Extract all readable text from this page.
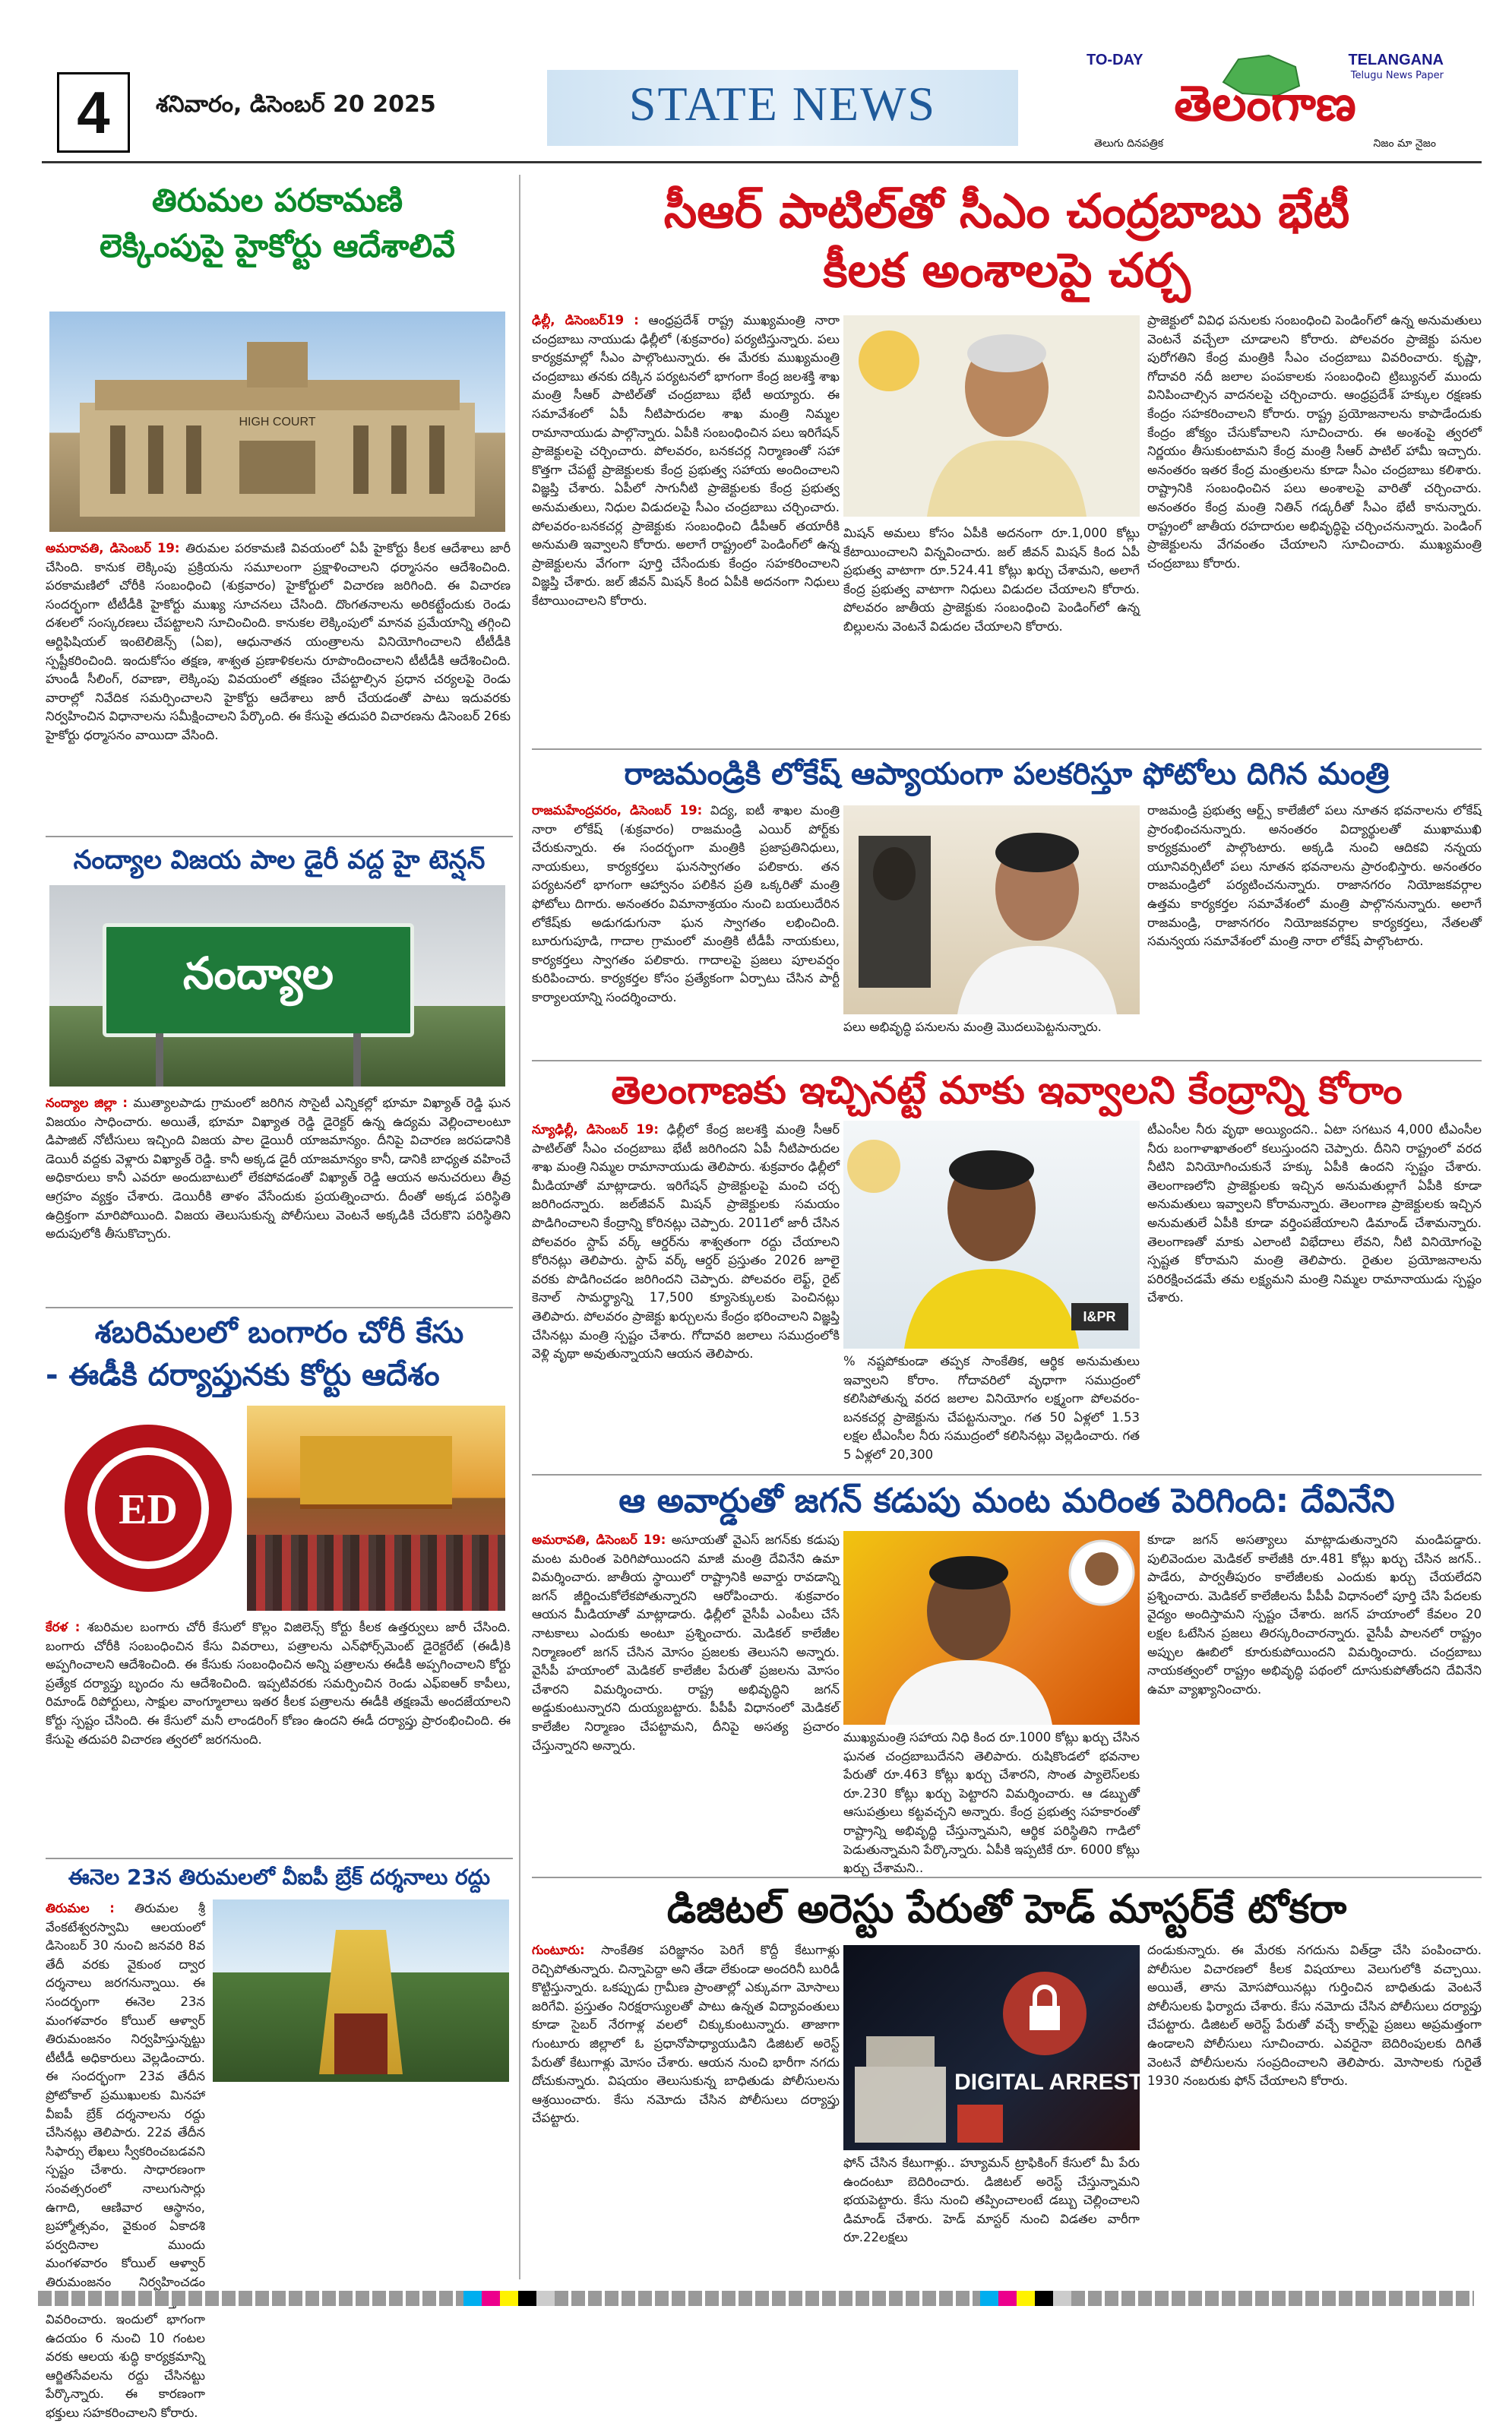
4	శనివారం, డిసెంబర్ 20 2025	STATE NEWS
TO-DAY	TELANGANA
Telugu News Paper
తెలంగాణ
తెలుగు దినపత్రిక	నిజం మా నైజం
తిరుమల పరకామణి
లెక్కింపుపై హైకోర్టు ఆదేశాలివే
HIGH COURT
అమరావతి, డిసెంబర్ 19: తిరుమల పరకామణి వివయంలో ఏపీ హైకోర్టు కీలక ఆదేశాలు జారీ చేసింది. కానుక లెక్కింపు ప్రక్రియను సమూలంగా ప్రక్షాళించాలని ధర్మాసనం ఆదేశించింది. పరకామణిలో చోరీకి సంబంధించి (శుక్రవారం) హైకోర్టులో విచారణ జరిగింది. ఈ విచారణ సందర్భంగా టీటీడీకి హైకోర్టు ముఖ్య సూచనలు చేసింది. దొంగతనాలను అరికట్టేందుకు రెండు దశలలో సంస్కరణలు చేపట్టాలని సూచించింది. కానుకల లెక్కింపులో మానవ ప్రమేయాన్ని తగ్గించి ఆర్టిఫిషియల్ ఇంటెలిజెన్స్ (ఏఐ), ఆధునాతన యంత్రాలను వినియోగించాలని టీటీడీకి స్పష్టీకరించింది. ఇందుకోసం తక్షణ, శాశ్వత ప్రణాళికలను రూపొందించాలని టీటీడీకి ఆదేశించింది. హుండీ సీలింగ్, రవాణా, లెక్కింపు వివయంలో తక్షణం చేపట్టాల్సిన ప్రధాన చర్యలపై రెండు వారాల్లో నివేదిక సమర్పించాలని హైకోర్టు ఆదేశాలు జారీ చేయడంతో పాటు ఇదువరకు నిర్వహించిన విధానాలను సమీక్షించాలని పేర్కొంది. ఈ కేసుపై తదుపరి విచారణను డిసెంబర్ 26కు హైకోర్టు ధర్మాసనం వాయిదా వేసింది.
నంద్యాల విజయ పాల డైరీ వద్ద హై టెన్షన్
నంద్యాల
నంద్యాల జిల్లా : ముత్యాలపాడు గ్రామంలో జరిగిన సొసైటీ ఎన్నికల్లో భూమా విఖ్యాత్ రెడ్డి ఘన విజయం సాధించారు. అయితే, భూమా విఖ్యాత రెడ్డి డైరెక్టర్ ఉన్న ఉద్యమ వెల్లించాలంటూ డిపాజిట్ నోటీసులు ఇచ్చింది విజయ పాల డైయిరీ యాజమాన్యం. దీనిపై విచారణ జరపడానికి డెయిరీ వద్దకు వెళ్లారు విఖ్యాత్ రెడ్డి. కానీ అక్కడ డైరీ యాజమాన్యం కానీ, డానికి బాధ్యత వహించే అధికారులు కానీ ఎవరూ అందుబాటులో లేకపోవడంతో విఖ్యాత్ రెడ్డి ఆయన అనుచరులు తీవ్ర ఆగ్రహం వ్యక్తం చేశారు. డెయిరీకి తాళం వేసేందుకు ప్రయత్నించారు. దీంతో అక్కడ పరిస్థితి ఉద్రిక్తంగా మారిపోయింది. విజయ తెలుసుకున్న పోలీసులు వెంటనే అక్కడికి చేరుకొని పరిస్థితిని అదుపులోకి తీసుకొచ్చారు.
శబరిమలలో బంగారం చోరీ కేసు
- ఈడీకి దర్యాప్తునకు కోర్టు ఆదేశం
ED
కేరళ : శబరిమల బంగారు చోరీ కేసులో కొల్లం విజిలెన్స్ కోర్టు కీలక ఉత్తర్వులు జారీ చేసింది. బంగారు చోరీకి సంబంధించిన కేసు వివరాలు, పత్రాలను ఎన్‌ఫోర్స్‌మెంట్ డైరెక్టరేట్ (ఈడీ)కి అప్పగించాలని ఆదేశించింది. ఈ కేసుకు సంబంధించిన అన్ని పత్రాలను ఈడీకి అప్పగించాలని కోర్టు ప్రత్యేక దర్యాప్తు బృందం ను ఆదేశించింది. ఇప్పటివరకు సమర్పించిన రెండు ఎఫ్‌ఐఆర్ కాపీలు, రిమాండ్ రిపోర్టులు, సాక్షుల వాంగ్మూలాలు ఇతర కీలక పత్రాలను ఈడీకి తక్షణమే అందజేయాలని కోర్టు స్పష్టం చేసింది. ఈ కేసులో మనీ లాండరింగ్ కోణం ఉందని ఈడీ దర్యాప్తు ప్రారంభించింది. ఈ కేసుపై తదుపరి విచారణ త్వరలో జరగనుంది.
ఈనెల 23న తిరుమలలో వీఐపీ బ్రేక్ దర్శనాలు రద్దు
తిరుమల : తిరుమల శ్రీ వేంకటేశ్వరస్వామి ఆలయంలో డిసెంబర్ 30 నుంచి జనవరి 8వ తేదీ వరకు వైకుంఠ ద్వార దర్శనాలు జరగనున్నాయి. ఈ సందర్భంగా ఈనెల 23న మంగళవారం కోయిల్ ఆళ్వార్ తిరుమంజనం నిర్వహిస్తున్నట్టు టీటీడీ అధికారులు వెల్లడించారు. ఈ సందర్భంగా 23వ తేదీన ప్రోటోకాల్ ప్రముఖులకు మినహా వీఐపీ బ్రేక్ దర్శనాలను రద్దు చేసినట్లు తెలిపారు. 22వ తేదీన సిఫార్సు లేఖలు స్వీకరించబడవని స్పష్టం చేశారు. సాధారణంగా సంవత్సరంలో నాలుగుసార్లు ఉగాది, ఆణివార ఆస్థానం, బ్రహ్మోత్సవం, వైకుంఠ ఏకాదశి పర్వదినాల ముందు మంగళవారం కోయిల్ ఆళ్వార్ తిరుమంజనం నిర్వహించడం వివరించారు. ఇందులో భాగంగా ఉదయం 6 నుంచి 10 గంటల వరకు ఆలయ శుద్ధి కార్యక్రమాన్ని ఆర్జితసేవలను రద్దు చేసినట్టు పేర్కొన్నారు. ఈ కారణంగా భక్తులు సహకరించాలని కోరారు.
సీఆర్ పాటిల్‌తో సీఎం చంద్రబాబు భేటీ
కీలక అంశాలపై చర్చ
ఢిల్లీ, డిసెంబర్19 : ఆంధ్రప్రదేశ్ రాష్ట్ర ముఖ్యమంత్రి నారా చంద్రబాబు నాయుడు ఢిల్లీలో (శుక్రవారం) పర్యటిస్తున్నారు. పలు కార్యక్రమాల్లో సీఎం పాల్గొంటున్నారు. ఈ మేరకు ముఖ్యమంత్రి చంద్రబాబు తనకు దక్కిన పర్యటనలో భాగంగా కేంద్ర జలశక్తి శాఖ మంత్రి సీఆర్ పాటిల్‌తో చంద్రబాబు భేటీ అయ్యారు. ఈ సమావేశంలో ఏపీ నీటిపారుదల శాఖ మంత్రి నిమ్మల రామానాయుడు పాల్గొన్నారు. ఏపీకి సంబంధించిన పలు ఇరిగేషన్ ప్రాజెక్టులపై చర్చించారు. పోలవరం, బనకచర్ల నిర్మాణంతో సహా కొత్తగా చేపట్టే ప్రాజెక్టులకు కేంద్ర ప్రభుత్వ సహాయ అందించాలని విజ్ఞప్తి చేశారు. ఏపీలో సాగునీటి ప్రాజెక్టులకు కేంద్ర ప్రభుత్వ అనుమతులు, నిధుల విడుదలపై సీఎం చంద్రబాబు చర్చించారు. పోలవరం-బనకచర్ల ప్రాజెక్టుకు సంబంధించి డీపీఆర్ తయారీకి అనుమతి ఇవ్వాలని కోరారు. అలాగే రాష్ట్రంలో పెండింగ్‌లో ఉన్న ప్రాజెక్టులను వేగంగా పూర్తి చేసేందుకు కేంద్రం సహకరించాలని విజ్ఞప్తి చేశారు. జల్ జీవన్ మిషన్ కింద ఏపీకి అదనంగా నిధులు కేటాయించాలని కోరారు.
మిషన్ అమలు కోసం ఏపీకి అదనంగా రూ.1,000 కోట్లు కేటాయించాలని విన్నవించారు. జల్ జీవన్ మిషన్ కింద ఏపీ ప్రభుత్వ వాటాగా రూ.524.41 కోట్లు ఖర్చు చేశామని, అలాగే కేంద్ర ప్రభుత్వ వాటాగా నిధులు విడుదల చేయాలని కోరారు. పోలవరం జాతీయ ప్రాజెక్టుకు సంబంధించి పెండింగ్‌లో ఉన్న బిల్లులను వెంటనే విడుదల చేయాలని కోరారు.
ప్రాజెక్టులో వివిధ పనులకు సంబంధించి పెండింగ్‌లో ఉన్న అనుమతులు వెంటనే వచ్చేలా చూడాలని కోరారు. పోలవరం ప్రాజెక్టు పనుల పురోగతిని కేంద్ర మంత్రికి సీఎం చంద్రబాబు వివరించారు. కృష్ణా, గోదావరి నదీ జలాల పంపకాలకు సంబంధించి ట్రిబ్యునల్ ముందు వినిపించాల్సిన వాదనలపై చర్చించారు. ఆంధ్రప్రదేశ్ హక్కుల రక్షణకు కేంద్రం సహకరించాలని కోరారు. రాష్ట్ర ప్రయోజనాలను కాపాడేందుకు కేంద్రం జోక్యం చేసుకోవాలని సూచించారు. ఈ అంశంపై త్వరలో నిర్ణయం తీసుకుంటామని కేంద్ర మంత్రి సీఆర్ పాటిల్ హామీ ఇచ్చారు. అనంతరం ఇతర కేంద్ర మంత్రులను కూడా సీఎం చంద్రబాబు కలిశారు. రాష్ట్రానికి సంబంధించిన పలు అంశాలపై వారితో చర్చించారు. అనంతరం కేంద్ర మంత్రి నితిన్ గడ్కరీతో సీఎం భేటీ కానున్నారు. రాష్ట్రంలో జాతీయ రహదారుల అభివృద్ధిపై చర్చించనున్నారు. పెండింగ్ ప్రాజెక్టులను వేగవంతం చేయాలని సూచించారు. ముఖ్యమంత్రి చంద్రబాబు కోరారు.
రాజమండ్రికి లోకేష్ ఆప్యాయంగా పలకరిస్తూ ఫోటోలు దిగిన మంత్రి
రాజమహేంద్రవరం, డిసెంబర్ 19: విద్య, ఐటీ శాఖల మంత్రి నారా లోకేష్ (శుక్రవారం) రాజమండ్రి ఎయిర్ పోర్ట్‌కు చేరుకున్నారు. ఈ సందర్భంగా మంత్రికి ప్రజాప్రతినిధులు, నాయకులు, కార్యకర్తలు ఘనస్వాగతం పలికారు. తన పర్యటనలో భాగంగా ఆహ్వానం పలికిన ప్రతి ఒక్కరితో మంత్రి ఫోటోలు దిగారు. అనంతరం విమానాశ్రయం నుంచి బయలుదేరిన లోకేష్‌కు అడుగడుగునా ఘన స్వాగతం లభించింది. బూరుగుపూడి, గాదాల గ్రామంలో మంత్రికి టీడీపీ నాయకులు, కార్యకర్తలు స్వాగతం పలికారు. గాదాలపై ప్రజలు పూలవర్షం కురిపించారు. కార్యకర్తల కోసం ప్రత్యేకంగా ఏర్పాటు చేసిన పార్టీ కార్యాలయాన్ని సందర్శించారు.
పలు అభివృద్ధి పనులను మంత్రి మొదలుపెట్టనున్నారు.
రాజమండ్రి ప్రభుత్వ ఆర్ట్స్ కాలేజీలో పలు నూతన భవనాలను లోకేష్ ప్రారంభించనున్నారు. అనంతరం విద్యార్థులతో ముఖాముఖి కార్యక్రమంలో పాల్గొంటారు. అక్కడి నుంచి ఆదికవి నన్నయ యూనివర్సిటీలో పలు నూతన భవనాలను ప్రారంభిస్తారు. అనంతరం రాజమండ్రిలో పర్యటించనున్నారు. రాజానగరం నియోజకవర్గాల ఉత్తమ కార్యకర్తల సమావేశంలో మంత్రి పాల్గొననున్నారు. అలాగే రాజమండ్రి, రాజానగరం నియోజకవర్గాల కార్యకర్తలు, నేతలతో సమన్వయ సమావేశంలో మంత్రి నారా లోకేష్ పాల్గొంటారు.
తెలంగాణకు ఇచ్చినట్టే మాకు ఇవ్వాలని కేంద్రాన్ని కోరాం
న్యూఢిల్లీ, డిసెంబర్ 19: ఢిల్లీలో కేంద్ర జలశక్తి మంత్రి సీఆర్ పాటిల్‌తో సీఎం చంద్రబాబు భేటీ జరిగిందని ఏపీ నీటిపారుదల శాఖ మంత్రి నిమ్మల రామానాయుడు తెలిపారు. శుక్రవారం ఢిల్లీలో మీడియాతో మాట్లాడారు. ఇరిగేషన్ ప్రాజెక్టులపై మంచి చర్చ జరిగిందన్నారు. జల్‌జీవన్ మిషన్ ప్రాజెక్టులకు సమయం పొడిగించాలని కేంద్రాన్ని కోరినట్లు చెప్పారు. 2011లో జారీ చేసిన పోలవరం స్టాప్ వర్క్ ఆర్డర్‌ను శాశ్వతంగా రద్దు చేయాలని కోరినట్లు తెలిపారు. స్టాప్ వర్క్ ఆర్డర్ ప్రస్తుతం 2026 జూలై వరకు పొడిగించడం జరిగిందని చెప్పారు. పోలవరం లెఫ్ట్, రైట్ కెనాల్ సామర్థ్యాన్ని 17,500 క్యూసెక్కులకు పెంచినట్లు తెలిపారు. పోలవరం ప్రాజెక్టు ఖర్చులను కేంద్రం భరించాలని విజ్ఞప్తి చేసినట్లు మంత్రి స్పష్టం చేశారు. గోదావరి జలాలు సముద్రంలోకి వెళ్లి వృథా అవుతున్నాయని ఆయన తెలిపారు.
I&PR
% నష్టపోకుండా తప్పక సాంకేతిక, ఆర్థిక అనుమతులు ఇవ్వాలని కోరాం. గోదావరిలో వృధాగా సముద్రంలో కలిసిపోతున్న వరద జలాల వినియోగం లక్ష్మంగా పోలవరం-బనకచర్ల ప్రాజెక్టును చేపట్టనున్నాం. గత 50 ఏళ్లలో 1.53 లక్షల టీఎంసీల నీరు సముద్రంలో కలిసినట్లు వెల్లడించారు. గత 5 ఏళ్లలో 20,300
టీఎంసీల నీరు వృథా అయ్యిందని.. ఏటా సగటున 4,000 టీఎంసీల నీరు బంగాళాఖాతంలో కలుస్తుందని చెప్పారు. దీనిని రాష్ట్రంలో వరద నీటిని వినియోగించుకునే హక్కు ఏపీకి ఉందని స్పష్టం చేశారు. తెలంగాణలోని ప్రాజెక్టులకు ఇచ్చిన అనుమతుల్లాగే ఏపీకి కూడా అనుమతులు ఇవ్వాలని కోరామన్నారు. తెలంగాణ ప్రాజెక్టులకు ఇచ్చిన అనుమతులే ఏపీకి కూడా వర్తింపజేయాలని డిమాండ్ చేశామన్నారు. తెలంగాణతో మాకు ఎలాంటి విభేదాలు లేవని, నీటి వినియోగంపై స్పష్టత కోరామని మంత్రి తెలిపారు. రైతుల ప్రయోజనాలను పరిరక్షించడమే తమ లక్ష్యమని మంత్రి నిమ్మల రామానాయుడు స్పష్టం చేశారు.
ఆ అవార్డుతో జగన్ కడుపు మంట మరింత పెరిగింది: దేవినేని
అమరావతి, డిసెంబర్ 19: అసూయతో వైఎస్ జగన్‌కు కడుపు మంట మరింత పెరిగిపోయిందని మాజీ మంత్రి దేవినేని ఉమా విమర్శించారు. జాతీయ స్థాయిలో రాష్ట్రానికి అవార్డు రావడాన్ని జగన్ జీర్ణించుకోలేకపోతున్నారని ఆరోపించారు. శుక్రవారం ఆయన మీడియాతో మాట్లాడారు. ఢిల్లీలో వైసీపీ ఎంపీలు చేసే నాటకాలు ఎందుకు అంటూ ప్రశ్నించారు. మెడికల్ కాలేజీల నిర్మాణంలో జగన్ చేసిన మోసం ప్రజలకు తెలుసని అన్నారు. వైసీపీ హయాంలో మెడికల్ కాలేజీల పేరుతో ప్రజలను మోసం చేశారని విమర్శించారు. రాష్ట్ర అభివృద్ధిని జగన్ అడ్డుకుంటున్నారని దుయ్యబట్టారు. పీపీపీ విధానంలో మెడికల్ కాలేజీల నిర్మాణం చేపట్టామని, దీనిపై అసత్య ప్రచారం చేస్తున్నారని అన్నారు.
ముఖ్యమంత్రి సహాయ నిధి కింద రూ.1000 కోట్లు ఖర్చు చేసిన ఘనత చంద్రబాబుదేనని తెలిపారు. రుషికొండలో భవనాల పేరుతో రూ.463 కోట్లు ఖర్చు చేశారని, సొంత ప్యాలెస్‌లకు రూ.230 కోట్లు ఖర్చు పెట్టారని విమర్శించారు. ఆ డబ్బుతో ఆసుపత్రులు కట్టవచ్చని అన్నారు. కేంద్ర ప్రభుత్వ సహకారంతో రాష్ట్రాన్ని అభివృద్ధి చేస్తున్నామని, ఆర్థిక పరిస్థితిని గాడిలో పెడుతున్నామని పేర్కొన్నారు. ఏపీకి ఇప్పటికే రూ. 6000 కోట్లు ఖర్చు చేశామని..
కూడా జగన్ అసత్యాలు మాట్లాడుతున్నారని మండిపడ్డారు. పులివెందుల మెడికల్ కాలేజీకి రూ.481 కోట్లు ఖర్చు చేసిన జగన్.. పాడేరు, పార్వతీపురం కాలేజీలకు ఎందుకు ఖర్చు చేయలేదని ప్రశ్నించారు. మెడికల్ కాలేజీలను పీపీపీ విధానంలో పూర్తి చేసి పేదలకు వైద్యం అందిస్తామని స్పష్టం చేశారు. జగన్ హయాంలో కేవలం 20 లక్షల ఓటేసిన ప్రజలు తిరస్కరించారన్నారు. వైసీపీ పాలనలో రాష్ట్రం అప్పుల ఊబిలో కూరుకుపోయిందని విమర్శించారు. చంద్రబాబు నాయకత్వంలో రాష్ట్రం అభివృద్ధి పథంలో దూసుకుపోతోందని దేవినేని ఉమా వ్యాఖ్యానించారు.
డిజిటల్ అరెస్టు పేరుతో హెడ్ మాస్టర్‌కే టోకరా
గుంటూరు: సాంకేతిక పరిజ్ఞానం పెరిగే కొద్దీ కేటుగాళ్లు రెచ్చిపోతున్నారు. చిన్నాపెద్దా అని తేడా లేకుండా అందరినీ బురిడీ కొట్టిస్తున్నారు. ఒకప్పుడు గ్రామీణ ప్రాంతాల్లో ఎక్కువగా మోసాలు జరిగేవి. ప్రస్తుతం నిరక్షరాస్యులతో పాటు ఉన్నత విద్యావంతులు కూడా సైబర్ నేరగాళ్ల వలలో చిక్కుకుంటున్నారు. తాజాగా గుంటూరు జిల్లాలో ఓ ప్రధానోపాధ్యాయుడిని డిజిటల్ అరెస్ట్ పేరుతో కేటుగాళ్లు మోసం చేశారు. ఆయన నుంచి భారీగా నగదు దోచుకున్నారు. విషయం తెలుసుకున్న బాధితుడు పోలీసులను ఆశ్రయించారు. కేసు నమోదు చేసిన పోలీసులు దర్యాప్తు చేపట్టారు.
DIGITAL ARREST
ఫోన్ చేసిన కేటుగాళ్లు.. హ్యూమన్ ట్రాఫికింగ్ కేసులో మీ పేరు ఉందంటూ బెదిరించారు. డిజిటల్ అరెస్ట్ చేస్తున్నామని భయపెట్టారు. కేసు నుంచి తప్పించాలంటే డబ్బు చెల్లించాలని డిమాండ్ చేశారు. హెడ్ మాస్టర్ నుంచి విడతల వారీగా రూ.22లక్షలు
దండుకున్నారు. ఈ మేరకు నగదును విత్‌డ్రా చేసి పంపించారు. పోలీసుల విచారణలో కీలక విషయాలు వెలుగులోకి వచ్చాయి. అయితే, తాను మోసపోయినట్లు గుర్తించిన బాధితుడు వెంటనే పోలీసులకు ఫిర్యాదు చేశారు. కేసు నమోదు చేసిన పోలీసులు దర్యాప్తు చేపట్టారు. డిజిటల్ అరెస్ట్ పేరుతో వచ్చే కాల్స్‌పై ప్రజలు అప్రమత్తంగా ఉండాలని పోలీసులు సూచించారు. ఎవరైనా బెదిరింపులకు దిగితే వెంటనే పోలీసులను సంప్రదించాలని తెలిపారు. మోసాలకు గురైతే 1930 నంబరుకు ఫోన్ చేయాలని కోరారు.
